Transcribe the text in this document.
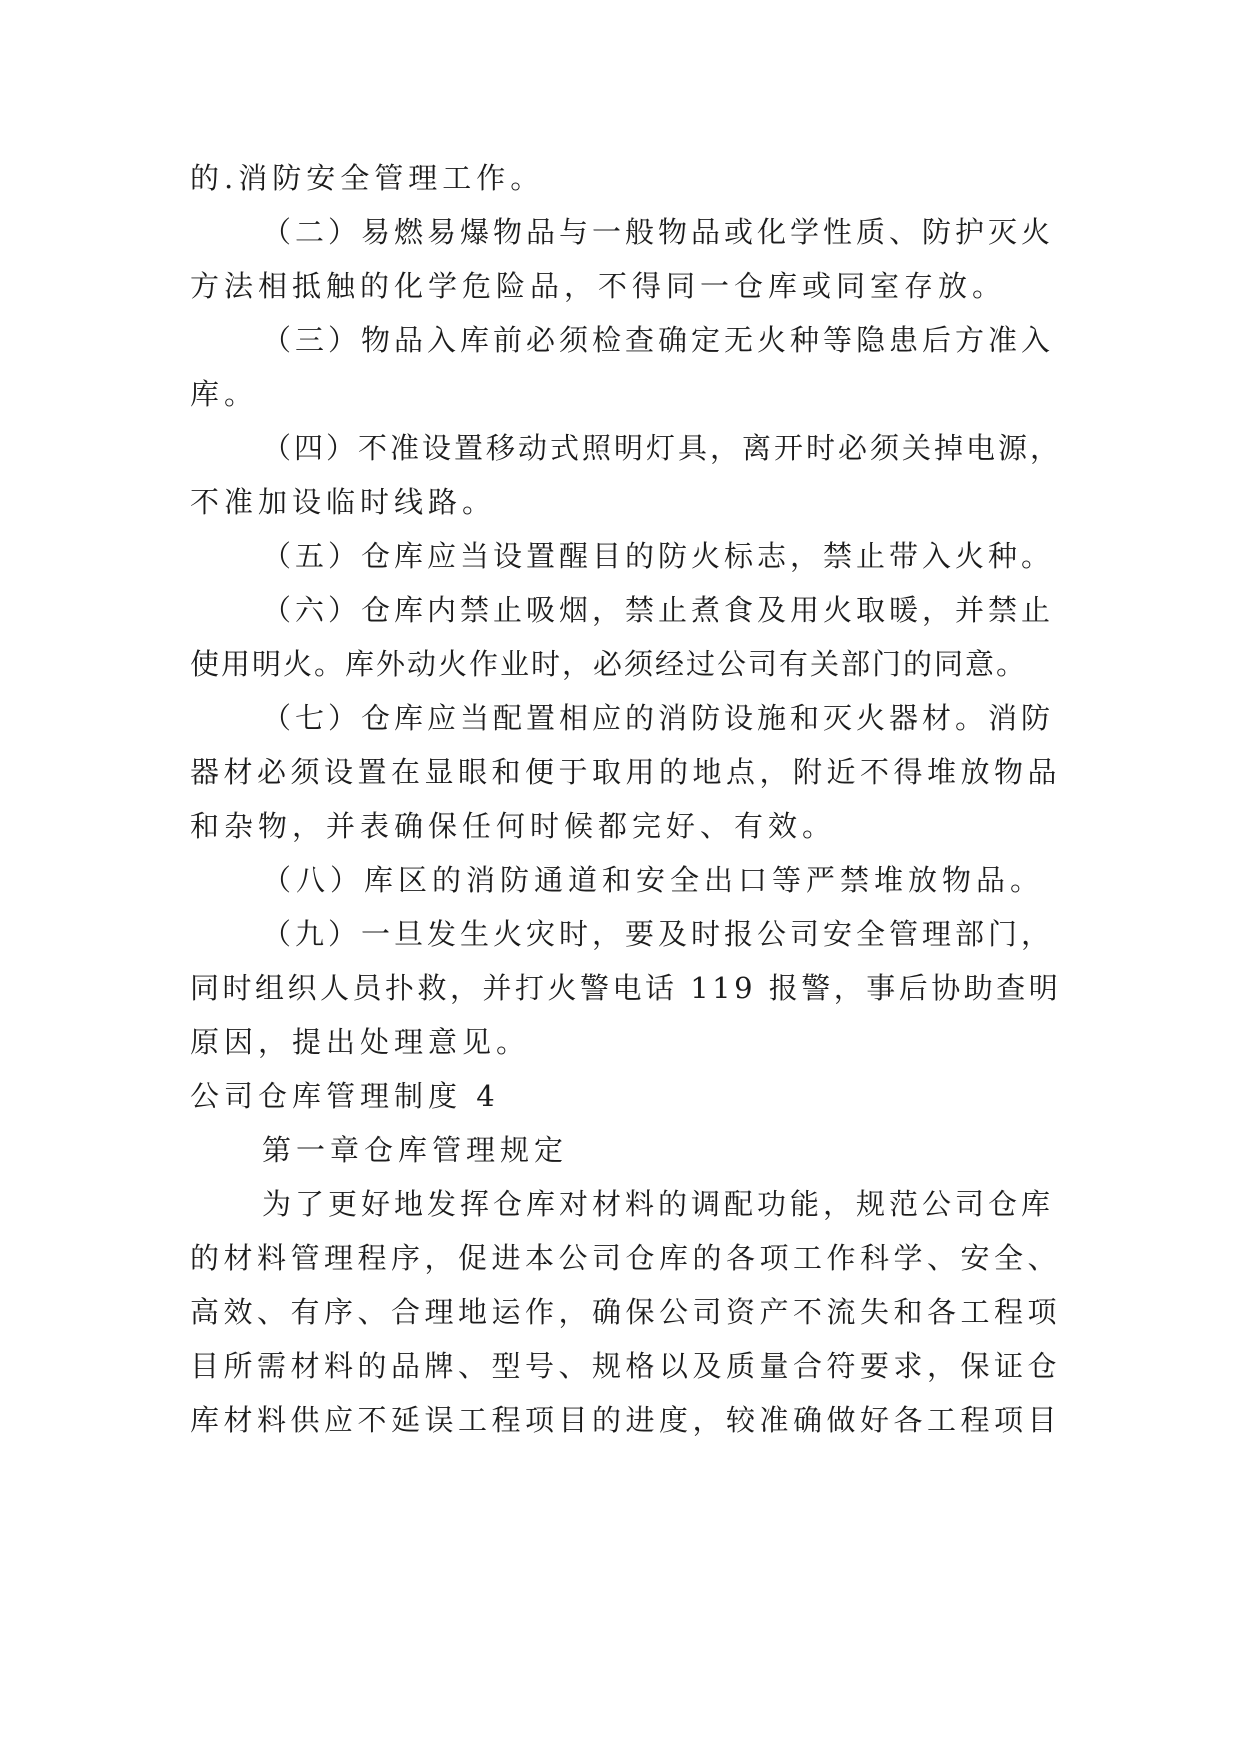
的.消防安全管理工作。

（二）易燃易爆物品与一般物品或化学性质、防护灭火

方法相抵触的化学危险品，不得同一仓库或同室存放。

（三）物品入库前必须检查确定无火种等隐患后方准入

库。

（四）不准设置移动式照明灯具，离开时必须关掉电源，

不准加设临时线路。

（五）仓库应当设置醒目的防火标志，禁止带入火种。

（六）仓库内禁止吸烟，禁止煮食及用火取暖，并禁止

使用明火。库外动火作业时，必须经过公司有关部门的同意。

（七）仓库应当配置相应的消防设施和灭火器材。消防

器材必须设置在显眼和便于取用的地点，附近不得堆放物品

和杂物，并表确保任何时候都完好、有效。

（八）库区的消防通道和安全出口等严禁堆放物品。

（九）一旦发生火灾时，要及时报公司安全管理部门，

同时组织人员扑救，并打火警电话 119 报警，事后协助查明

原因，提出处理意见。

公司仓库管理制度 4

第一章仓库管理规定

为了更好地发挥仓库对材料的调配功能，规范公司仓库

的材料管理程序，促进本公司仓库的各项工作科学、安全、

高效、有序、合理地运作，确保公司资产不流失和各工程项

目所需材料的品牌、型号、规格以及质量合符要求，保证仓

库材料供应不延误工程项目的进度，较准确做好各工程项目
